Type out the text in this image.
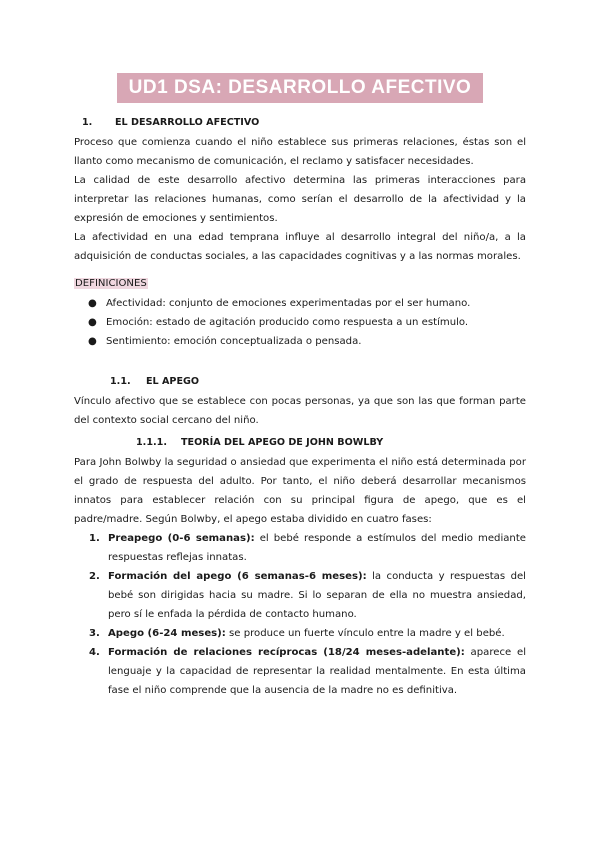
UD1 DSA: DESARROLLO AFECTIVO
1. EL DESARROLLO AFECTIVO

Proceso que comienza cuando el niño establece sus primeras relaciones, éstas son el llanto como mecanismo de comunicación, el reclamo y satisfacer necesidades.

La calidad de este desarrollo afectivo determina las primeras interacciones para interpretar las relaciones humanas, como serían el desarrollo de la afectividad y la expresión de emociones y sentimientos.

La afectividad en una edad temprana influye al desarrollo integral del niño/a, a la adquisición de conductas sociales, a las capacidades cognitivas y a las normas morales.

DEFINICIONES
● Afectividad: conjunto de emociones experimentadas por el ser humano.
● Emoción: estado de agitación producido como respuesta a un estímulo.
● Sentimiento: emoción conceptualizada o pensada.
1.1. EL APEGO

Vínculo afectivo que se establece con pocas personas, ya que son las que forman parte del contexto social cercano del niño.

1.1.1. TEORÍA DEL APEGO DE JOHN BOWLBY

Para John Bolwby la seguridad o ansiedad que experimenta el niño está determinada por el grado de respuesta del adulto. Por tanto, el niño deberá desarrollar mecanismos innatos para establecer relación con su principal figura de apego, que es el padre/madre. Según Bolwby, el apego estaba dividido en cuatro fases:

1. Preapego (0-6 semanas): el bebé responde a estímulos del medio mediante respuestas reflejas innatas.
2. Formación del apego (6 semanas-6 meses): la conducta y respuestas del bebé son dirigidas hacia su madre. Si lo separan de ella no muestra ansiedad, pero sí le enfada la pérdida de contacto humano.
3. Apego (6-24 meses): se produce un fuerte vínculo entre la madre y el bebé.
4. Formación de relaciones recíprocas (18/24 meses-adelante): aparece el lenguaje y la capacidad de representar la realidad mentalmente. En esta última fase el niño comprende que la ausencia de la madre no es definitiva.
